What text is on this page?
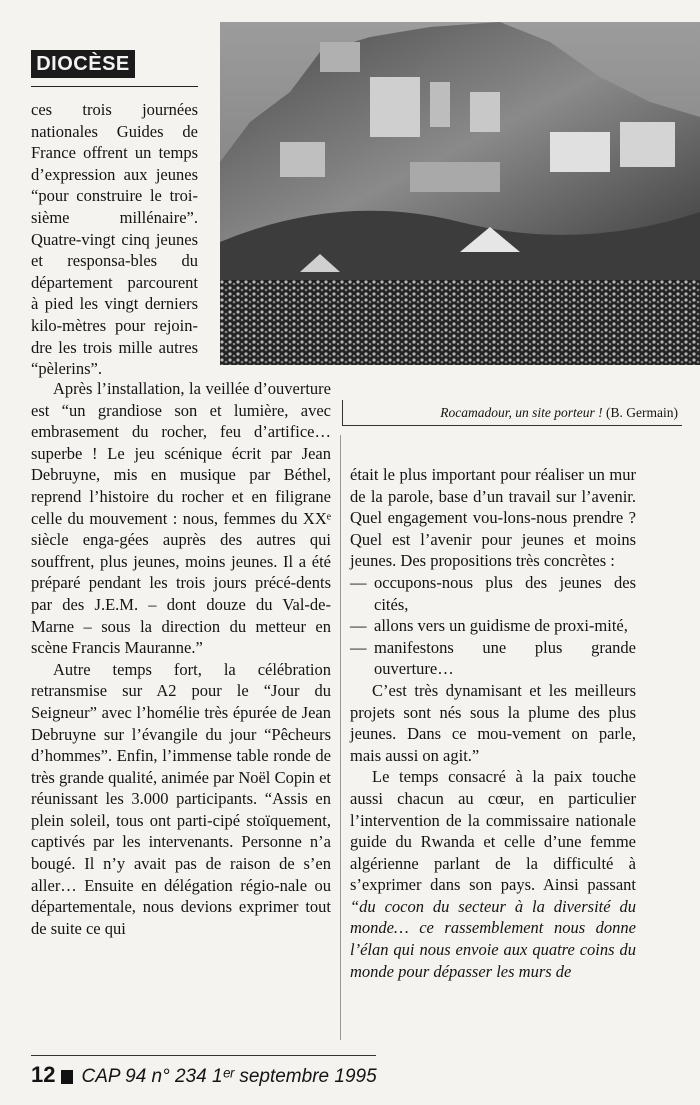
DIOCÈSE
Rocamadour, un site porteur ! (B. Germain)

ces trois journées nationales Guides de France offrent un temps d’expression aux jeunes “pour construire le troi-sième millénaire”. Quatre-vingt cinq jeunes et responsa-bles du département parcourent à pied les vingt derniers kilo-mètres pour rejoin-dre les trois mille autres “pèlerins”.

Après l’installation, la veillée d’ouverture est “un grandiose son et lumière, avec embrasement du rocher, feu d’artifice… superbe ! Le jeu scénique écrit par Jean Debruyne, mis en musique par Béthel, reprend l’histoire du rocher et en filigrane celle du mouvement : nous, femmes du XXᵉ siècle enga-gées auprès des autres qui souffrent, plus jeunes, moins jeunes. Il a été préparé pendant les trois jours précé-dents par des J.E.M. – dont douze du Val-de-Marne – sous la direction du metteur en scène Francis Mauranne.”

Autre temps fort, la célébration retransmise sur A2 pour le “Jour du Seigneur” avec l’homélie très épurée de Jean Debruyne sur l’évangile du jour “Pêcheurs d’hommes”. Enfin, l’immense table ronde de très grande qualité, animée par Noël Copin et réunissant les 3.000 participants. “Assis en plein soleil, tous ont parti-cipé stoïquement, captivés par les intervenants. Personne n’a bougé. Il n’y avait pas de raison de s’en aller… Ensuite en délégation régio-nale ou départementale, nous devions exprimer tout de suite ce qui

était le plus important pour réaliser un mur de la parole, base d’un travail sur l’avenir. Quel engagement vou-lons-nous prendre ? Quel est l’avenir pour jeunes et moins jeunes. Des propositions très concrètes :

— occupons-nous plus des jeunes des cités,
— allons vers un guidisme de proxi-mité,
— manifestons une plus grande ouverture…

C’est très dynamisant et les meilleurs projets sont nés sous la plume des plus jeunes. Dans ce mou-vement on parle, mais aussi on agit.”

Le temps consacré à la paix touche aussi chacun au cœur, en particulier l’intervention de la commissaire nationale guide du Rwanda et celle d’une femme algérienne parlant de la difficulté à s’exprimer dans son pays. Ainsi passant “du cocon du secteur à la diversité du monde… ce rassemblement nous donne l’élan qui nous envoie aux quatre coins du monde pour dépasser les murs de

12 CAP 94 n° 234 1ᵉʳ septembre 1995
